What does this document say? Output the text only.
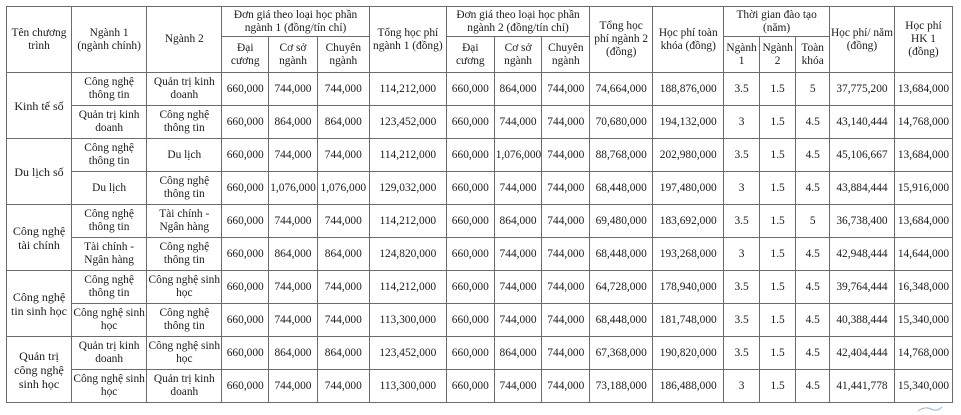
Tên chương trình	Ngành 1 (ngành chính)	Ngành 2	Đơn giá theo loại học phần ngành 1 (đồng/tín chỉ)			Tổng học phí ngành 1 (đồng)	Đơn giá theo loại học phần ngành 2 (đồng/tín chỉ)			Tổng học phí ngành 2 (đồng)	Học phí toàn khóa (đồng)	Thời gian đào tạo (năm)			Học phí/ năm (đồng)	Học phí HK 1 (đồng)
			Đại cương	Cơ sở ngành	Chuyên ngành		Đại cương	Cơ sở ngành	Chuyên ngành			Ngành 1	Ngành 2	Toàn khóa		
Kinh tế số	Công nghệ thông tin	Quản trị kinh doanh	660,000	744,000	744,000	114,212,000	660,000	864,000	744,000	74,664,000	188,876,000	3.5	1.5	5	37,775,200	13,684,000
	Quản trị kinh doanh	Công nghệ thông tin	660,000	864,000	864,000	123,452,000	660,000	744,000	744,000	70,680,000	194,132,000	3	1.5	4.5	43,140,444	14,768,000
Du lịch số	Công nghệ thông tin	Du lịch	660,000	744,000	744,000	114,212,000	660,000	1,076,000	744,000	88,768,000	202,980,000	3.5	1.5	4.5	45,106,667	13,684,000
	Du lịch	Công nghệ thông tin	660,000	1,076,000	1,076,000	129,032,000	660,000	744,000	744,000	68,448,000	197,480,000	3	1.5	4.5	43,884,444	15,916,000
Công nghệ tài chính	Công nghệ thông tin	Tài chính - Ngân hàng	660,000	744,000	744,000	114,212,000	660,000	864,000	744,000	69,480,000	183,692,000	3.5	1.5	5	36,738,400	13,684,000
	Tài chính - Ngân hàng	Công nghệ thông tin	660,000	864,000	864,000	124,820,000	660,000	744,000	744,000	68,448,000	193,268,000	3	1.5	4.5	42,948,444	14,644,000
Công nghệ tin sinh học	Công nghệ thông tin	Công nghệ sinh học	660,000	744,000	744,000	114,212,000	660,000	744,000	744,000	64,728,000	178,940,000	3.5	1.5	4.5	39,764,444	16,348,000
	Công nghệ sinh học	Công nghệ thông tin	660,000	744,000	744,000	113,300,000	660,000	744,000	744,000	68,448,000	181,748,000	3.5	1.5	4.5	40,388,444	15,340,000
Quản trị công nghệ sinh học	Quản trị kinh doanh	Công nghệ sinh học	660,000	864,000	864,000	123,452,000	660,000	864,000	744,000	67,368,000	190,820,000	3.5	1.5	4.5	42,404,444	14,768,000
	Công nghệ sinh học	Quản trị kinh doanh	660,000	744,000	744,000	113,300,000	660,000	744,000	744,000	73,188,000	186,488,000	3	1.5	4.5	41,441,778	15,340,000
